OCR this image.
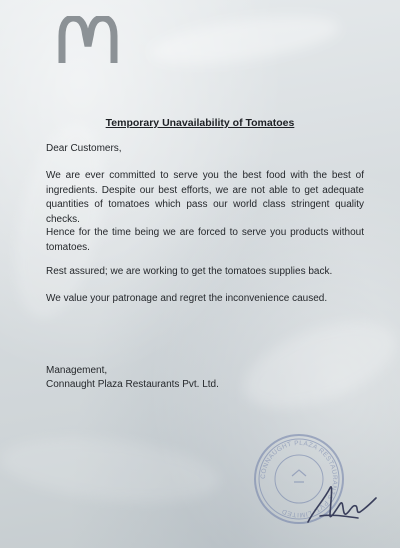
Temporary Unavailability of Tomatoes

Dear Customers,

We are ever committed to serve you the best food with the best of ingredients. Despite our best efforts, we are not able to get adequate quantities of tomatoes which pass our world class stringent quality checks.

Hence for the time being we are forced to serve you products without tomatoes.

Rest assured; we are working to get the tomatoes supplies back.

We value your patronage and regret the inconvenience caused.

Management,

Connaught Plaza Restaurants Pvt. Ltd.

CONNAUGHT PLAZA RESTAURANTS PVT. LIMITED
